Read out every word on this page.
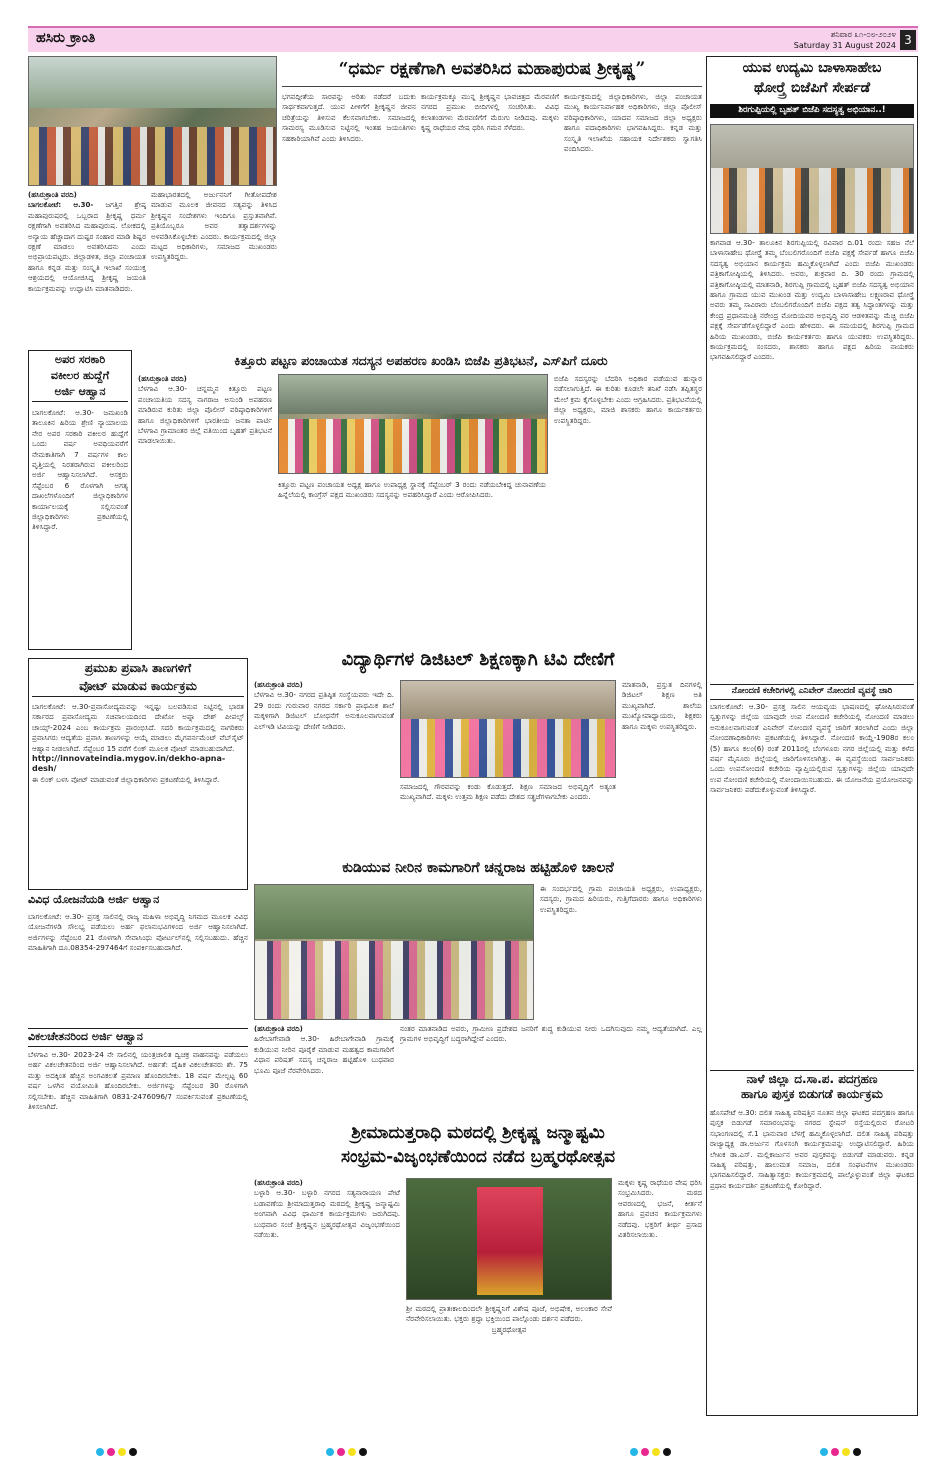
ಹಸಿರು ಕ್ರಾಂತಿ	ಶನಿವಾರ ೩೧-೦೮-೨೦೨೪
Saturday 31 August 2024 3
“ಧರ್ಮ ರಕ್ಷಣೆಗಾಗಿ ಅವತರಿಸಿದ ಮಹಾಪುರುಷ ಶ್ರೀಕೃಷ್ಣ”
(ಹಸಿರುಕ್ರಾಂತಿ ವರದಿ)
ಬಾಗಲಕೋಟೆ: ಆ.30- ಜಗತ್ತಿನ ಶ್ರೇಷ್ಠ ಮಹಾಪುರುಷರಲ್ಲಿ ಒಬ್ಬರಾದ ಶ್ರೀಕೃಷ್ಣ ಧರ್ಮ ರಕ್ಷಣೆಗಾಗಿ ಅವತರಿಸಿದ ಮಹಾಪುರುಷ. ಲೋಕದಲ್ಲಿ ಅನ್ಯಾಯ ಹೆಚ್ಚಾದಾಗ ದುಷ್ಟರ ಸಂಹಾರ ಮಾಡಿ ಶಿಷ್ಟರ ರಕ್ಷಣೆ ಮಾಡಲು ಅವತರಿಸಿದನು ಎಂದು ಅಭಿಪ್ರಾಯಪಟ್ಟರು. ಜಿಲ್ಲಾಡಳಿತ, ಜಿಲ್ಲಾ ಪಂಚಾಯತ ಹಾಗೂ ಕನ್ನಡ ಮತ್ತು ಸಂಸ್ಕೃತಿ ಇಲಾಖೆ ಸಂಯುಕ್ತ ಆಶ್ರಯದಲ್ಲಿ ಆಯೋಜಿಸಿದ್ದ ಶ್ರೀಕೃಷ್ಣ ಜಯಂತಿ ಕಾರ್ಯಕ್ರಮವನ್ನು ಉದ್ಘಾಟಿಸಿ ಮಾತನಾಡಿದರು.
ಮಹಾಭಾರತದಲ್ಲಿ ಅರ್ಜುನನಿಗೆ ಗೀತೋಪದೇಶ ಮಾಡುವ ಮೂಲಕ ಜೀವನದ ಸತ್ಯವನ್ನು ತಿಳಿಸಿದ ಶ್ರೀಕೃಷ್ಣನ ಸಂದೇಶಗಳು ಇಂದಿಗೂ ಪ್ರಸ್ತುತವಾಗಿವೆ. ಪ್ರತಿಯೊಬ್ಬರೂ ಅವರ ತತ್ವಾದರ್ಶಗಳನ್ನು ಅಳವಡಿಸಿಕೊಳ್ಳಬೇಕು ಎಂದರು. ಕಾರ್ಯಕ್ರಮದಲ್ಲಿ ಜಿಲ್ಲಾ ಮಟ್ಟದ ಅಧಿಕಾರಿಗಳು, ಸಮಾಜದ ಮುಖಂಡರು ಉಪಸ್ಥಿತರಿದ್ದರು.
ಭಗವದ್ಗೀತೆಯ ಸಾರವನ್ನು ಅರಿತು ನಡೆದರೆ ಬದುಕು ಸಾರ್ಥಕವಾಗುತ್ತದೆ. ಯುವ ಪೀಳಿಗೆಗೆ ಶ್ರೀಕೃಷ್ಣನ ಜೀವನ ಚರಿತ್ರೆಯನ್ನು ತಿಳಿಸುವ ಕೆಲಸವಾಗಬೇಕು. ಸಮಾಜದಲ್ಲಿ ಸಾಮರಸ್ಯ ಮೂಡಿಸುವ ನಿಟ್ಟಿನಲ್ಲಿ ಇಂತಹ ಜಯಂತಿಗಳು ಸಹಕಾರಿಯಾಗಿವೆ ಎಂದು ತಿಳಿಸಿದರು.
ಕಾರ್ಯಕ್ರಮಕ್ಕೂ ಮುನ್ನ ಶ್ರೀಕೃಷ್ಣನ ಭಾವಚಿತ್ರದ ಮೆರವಣಿಗೆ ನಗರದ ಪ್ರಮುಖ ಬೀದಿಗಳಲ್ಲಿ ಸಂಚರಿಸಿತು. ವಿವಿಧ ಕಲಾತಂಡಗಳು ಮೆರವಣಿಗೆಗೆ ಮೆರುಗು ನೀಡಿದವು. ಮಕ್ಕಳು ಕೃಷ್ಣ ರಾಧೆಯರ ವೇಷ ಧರಿಸಿ ಗಮನ ಸೆಳೆದರು.
ಕಾರ್ಯಕ್ರಮದಲ್ಲಿ ಜಿಲ್ಲಾಧಿಕಾರಿಗಳು, ಜಿಲ್ಲಾ ಪಂಚಾಯತ ಮುಖ್ಯ ಕಾರ್ಯನಿರ್ವಾಹಕ ಅಧಿಕಾರಿಗಳು, ಜಿಲ್ಲಾ ಪೊಲೀಸ್ ವರಿಷ್ಠಾಧಿಕಾರಿಗಳು, ಯಾದವ ಸಮಾಜದ ಜಿಲ್ಲಾ ಅಧ್ಯಕ್ಷರು ಹಾಗೂ ಪದಾಧಿಕಾರಿಗಳು ಭಾಗವಹಿಸಿದ್ದರು. ಕನ್ನಡ ಮತ್ತು ಸಂಸ್ಕೃತಿ ಇಲಾಖೆಯ ಸಹಾಯಕ ನಿರ್ದೇಶಕರು ಸ್ವಾಗತಿಸಿ ವಂದಿಸಿದರು.
ಯುವ ಉದ್ಯಮಿ ಬಾಳಾಸಾಹೇಬ
ಥೋರ್‍ತ್ರೆ ಬಿಜೆಪಿಗೆ ಸೇರ್ಪಡೆ
ಶಿರಗುಪ್ಪಿಯಲ್ಲಿ ಬೃಹತ್ ಬಿಜೆಪಿ ಸದಸ್ಯತ್ವ ಅಭಿಯಾನ..!
ಕಾಗವಾಡ ಆ.30- ತಾಲೂಕಿನ ಶಿರಗುಪ್ಪಿಯಲ್ಲಿ ರವಿವಾರ ದಿ.01 ರಂದು ಸಹಜ ನೆಲೆ ಬಾಳಾಸಾಹೇಬ ಥೋರ್‍ತ್ರೆ ತಮ್ಮ ಬೆಂಬಲಿಗರೊಂದಿಗೆ ಬಿಜೆಪಿ ಪಕ್ಷಕ್ಕೆ ಸೇರ್ಪಡೆ ಹಾಗೂ ಬಿಜೆಪಿ ಸದಸ್ಯತ್ವ ಅಭಿಯಾನ ಕಾರ್ಯಕ್ರಮ ಹಮ್ಮಿಕೊಳ್ಳಲಾಗಿದೆ ಎಂದು ಬಿಜೆಪಿ ಮುಖಂಡರು ಪತ್ರಿಕಾಗೋಷ್ಠಿಯಲ್ಲಿ ತಿಳಿಸಿದರು. ಅವರು, ಶುಕ್ರವಾರ ದಿ. 30 ರಂದು ಗ್ರಾಮದಲ್ಲಿ ಪತ್ರಿಕಾಗೋಷ್ಠಿಯಲ್ಲಿ ಮಾತನಾಡಿ, ಶಿರಗುಪ್ಪಿ ಗ್ರಾಮದಲ್ಲಿ ಬೃಹತ್ ಬಿಜೆಪಿ ಸದಸ್ಯತ್ವ ಅಭಿಯಾನ ಹಾಗೂ ಗ್ರಾಮದ ಯುವ ಮುಖಂಡ ಮತ್ತು ಉದ್ಯಮಿ ಬಾಳಾಸಾಹೇಬ ಲಕ್ಷ್ಮಣರಾವ ಥೋರ್‍ತ್ರೆ ಅವರು ತಮ್ಮ ಸಾವಿರಾರು ಬೆಂಬಲಿಗರೊಂದಿಗೆ ಬಿಜೆಪಿ ಪಕ್ಷದ ತತ್ವ ಸಿದ್ಧಾಂತಗಳನ್ನು ಮತ್ತು ಕೇಂದ್ರ ಪ್ರಧಾನಮಂತ್ರಿ ನರೇಂದ್ರ ಮೋದಿಯವರ ಅಭಿವೃದ್ಧಿ ಪರ ಆಡಳಿತವನ್ನು ಮೆಚ್ಚಿ ಬಿಜೆಪಿ ಪಕ್ಷಕ್ಕೆ ಸೇರ್ಪಡೆಗೊಳ್ಳಲಿದ್ದಾರೆ ಎಂದು ಹೇಳಿದರು. ಈ ಸಮಯದಲ್ಲಿ ಶಿರಗುಪ್ಪಿ ಗ್ರಾಮದ ಹಿರಿಯ ಮುಖಂಡರು, ಬಿಜೆಪಿ ಕಾರ್ಯಕರ್ತರು ಹಾಗೂ ಯುವಕರು ಉಪಸ್ಥಿತರಿದ್ದರು. ಕಾರ್ಯಕ್ರಮದಲ್ಲಿ ಸಂಸದರು, ಶಾಸಕರು ಹಾಗೂ ಪಕ್ಷದ ಹಿರಿಯ ನಾಯಕರು ಭಾಗವಹಿಸಲಿದ್ದಾರೆ ಎಂದರು.
ಅಪರ ಸರಕಾರಿ
ವಕೀಲರ ಹುದ್ದೆಗೆ
ಅರ್ಜಿ ಆಹ್ವಾನ
ಬಾಗಲಕೋಟೆ: ಆ.30- ಜಮಖಂಡಿ ತಾಲೂಕಿನ ಹಿರಿಯ ಶ್ರೇಣಿ ನ್ಯಾಯಾಲಯ ನೇರ ಅಪರ ಸರಕಾರಿ ವಕೀಲರ ಹುದ್ದೆಗೆ ಒಂದು ವರ್ಷ ಅವಧಿಯವರೆಗೆ ನೇಮಕಾತಿಗಾಗಿ 7 ವರ್ಷಗಳ ಕಾಲ ವೃತ್ತಿಯಲ್ಲಿ ನಿರತರಾಗಿರುವ ವಕೀಲರಿಂದ ಅರ್ಜಿ ಆಹ್ವಾನಿಸಲಾಗಿದೆ. ಆಸಕ್ತರು ಸೆಪ್ಟೆಂಬರ 6 ರೊಳಗಾಗಿ ಅಗತ್ಯ ದಾಖಲೆಗಳೊಂದಿಗೆ ಜಿಲ್ಲಾಧಿಕಾರಿಗಳ ಕಾರ್ಯಾಲಯಕ್ಕೆ ಸಲ್ಲಿಸುವಂತೆ ಜಿಲ್ಲಾಧಿಕಾರಿಗಳು ಪ್ರಕಟಣೆಯಲ್ಲಿ ತಿಳಿಸಿದ್ದಾರೆ.
ಕಿತ್ತೂರು ಪಟ್ಟಣ ಪಂಚಾಯತ ಸದಸ್ಯನ ಅಪಹರಣ ಖಂಡಿಸಿ ಬಿಜೆಪಿ ಪ್ರತಿಭಟನೆ, ಎಸ್‌ಪಿಗೆ ದೂರು
(ಹಸಿರುಕ್ರಾಂತಿ ವರದಿ)
ಬೆಳಗಾವಿ ಆ.30- ಚನ್ನಮ್ಮನ ಕಿತ್ತೂರು ಪಟ್ಟಣ ಪಂಚಾಯತಿಯ ಸದಸ್ಯ ನಾಗರಾಜ ಅಸುಂಡಿ ಅಪಹರಣ ಮಾಡಿರುವ ಕುರಿತು ಜಿಲ್ಲಾ ಪೊಲೀಸ್ ವರಿಷ್ಠಾಧಿಕಾರಿಗಳಿಗೆ ಹಾಗೂ ಜಿಲ್ಲಾಧಿಕಾರಿಗಳಿಗೆ ಭಾರತೀಯ ಜನತಾ ಪಾರ್ಟಿ ಬೆಳಗಾವಿ ಗ್ರಾಮಾಂತರ ಜಿಲ್ಲೆ ವತಿಯಿಂದ ಬೃಹತ್ ಪ್ರತಿಭಟನೆ ಮಾಡಲಾಯಿತು.
ಕಿತ್ತೂರು ಪಟ್ಟಣ ಪಂಚಾಯತ ಅಧ್ಯಕ್ಷ ಹಾಗೂ ಉಪಾಧ್ಯಕ್ಷ ಸ್ಥಾನಕ್ಕೆ ಸೆಪ್ಟೆಂಬರ್ 3 ರಂದು ನಡೆಯಬೇಕಿದ್ದ ಚುನಾವಣೆಯ ಹಿನ್ನೆಲೆಯಲ್ಲಿ ಕಾಂಗ್ರೆಸ್ ಪಕ್ಷದ ಮುಖಂಡರು ಸದಸ್ಯನನ್ನು ಅಪಹರಿಸಿದ್ದಾರೆ ಎಂದು ಆರೋಪಿಸಿದರು.
ಬಿಜೆಪಿ ಸದಸ್ಯರನ್ನು ಬೆದರಿಸಿ ಅಧಿಕಾರ ಪಡೆಯುವ ಹುನ್ನಾರ ನಡೆಸಲಾಗುತ್ತಿದೆ. ಈ ಕುರಿತು ಕೂಡಲೇ ತನಿಖೆ ನಡೆಸಿ ತಪ್ಪಿತಸ್ಥರ ಮೇಲೆ ಕ್ರಮ ಕೈಗೊಳ್ಳಬೇಕು ಎಂದು ಆಗ್ರಹಿಸಿದರು. ಪ್ರತಿಭಟನೆಯಲ್ಲಿ ಜಿಲ್ಲಾ ಅಧ್ಯಕ್ಷರು, ಮಾಜಿ ಶಾಸಕರು ಹಾಗೂ ಕಾರ್ಯಕರ್ತರು ಉಪಸ್ಥಿತರಿದ್ದರು.
ಪ್ರಮುಖ ಪ್ರವಾಸಿ ತಾಣಗಳಿಗೆ
ವೋಟ್ ಮಾಡುವ ಕಾರ್ಯಕ್ರಮ
ಬಾಗಲಕೋಟೆ: ಆ.30-ಪ್ರವಾಸೋದ್ಯಮವನ್ನು ಇನ್ನಷ್ಟು ಬಲಪಡಿಸುವ ನಿಟ್ಟಿನಲ್ಲಿ ಭಾರತ ಸರ್ಕಾರದ ಪ್ರವಾಸೋದ್ಯಮ ಸಚಿವಾಲಯದಿಂದ ದೇಖೋ ಅಪ್ನಾ ದೇಶ್ ಪೀಪಲ್ಸ್ ಚಾಯ್ಸ್-2024 ಎಂಬ ಕಾರ್ಯಕ್ರಮ ಪ್ರಾರಂಭಿಸಿದೆ. ಸದರಿ ಕಾರ್ಯಕ್ರಮದಲ್ಲಿ ನಾಗರಿಕರು ಪ್ರವಾಸಿಗರು ಆದ್ಯತೆಯ ಪ್ರವಾಸಿ ತಾಣಗಳನ್ನು ಆಯ್ಕೆ ಮಾಡಲು ಮೈಗವರ್ನಮೆಂಟ್ ವೆಬ್‌ಸೈಟ್ ಆಹ್ವಾನ ನೀಡಲಾಗಿದೆ. ಸೆಪ್ಟೆಂಬರ 15 ವರೆಗೆ ಲಿಂಕ್ ಮೂಲಕ ವೋಟ್ ಮಾಡಬಹುದಾಗಿದೆ.
http://innovateindia.mygov.in/dekho-apna-desh/
ಈ ಲಿಂಕ್ ಬಳಸಿ ವೋಟ್ ಮಾಡುವಂತೆ ಜಿಲ್ಲಾಧಿಕಾರಿಗಳು ಪ್ರಕಟಣೆಯಲ್ಲಿ ತಿಳಿಸಿದ್ದಾರೆ.
ವಿವಿಧ ಯೋಜನೆಯಡಿ ಅರ್ಜಿ ಆಹ್ವಾನ
ಬಾಗಲಕೋಟೆ: ಆ.30- ಪ್ರಸಕ್ತ ಸಾಲಿನಲ್ಲಿ ರಾಜ್ಯ ಮಹಿಳಾ ಅಭಿವೃದ್ಧಿ ನಿಗಮದ ಮೂಲಕ ವಿವಿಧ ಯೋಜನೆಗಳಡಿ ಸೌಲಭ್ಯ ಪಡೆಯಲು ಅರ್ಹ ಫಲಾನುಭವಿಗಳಿಂದ ಅರ್ಜಿ ಆಹ್ವಾನಿಸಲಾಗಿದೆ. ಅರ್ಜಿಗಳನ್ನು ಸೆಪ್ಟೆಂಬರ 21 ರೊಳಗಾಗಿ ಸೇವಾಸಿಂಧು ಪೋರ್ಟಲ್‌ನಲ್ಲಿ ಸಲ್ಲಿಸಬಹುದು. ಹೆಚ್ಚಿನ ಮಾಹಿತಿಗಾಗಿ ದೂ.08354-297464ಗೆ ಸಂಪರ್ಕಿಸಬಹುದಾಗಿದೆ.
ವಿಕಲಚೇತನರಿಂದ ಅರ್ಜಿ ಆಹ್ವಾನ
ಬೆಳಗಾವಿ ಆ.30- 2023-24 ನೇ ಸಾಲಿನಲ್ಲಿ ಯಂತ್ರಚಾಲಿತ ದ್ವಿಚಕ್ರ ವಾಹನವನ್ನು ಪಡೆಯಲು ಅರ್ಹ ವಿಕಲಚೇತನರಿಂದ ಅರ್ಜಿ ಆಹ್ವಾನಿಸಲಾಗಿದೆ. ಅರ್ಹತೆ: ದೈಹಿಕ ವಿಕಲಚೇತನರು ಶೇ. 75 ಮತ್ತು ಅದಕ್ಕಿಂತ ಹೆಚ್ಚಿನ ಅಂಗವಿಕಲತೆ ಪ್ರಮಾಣ ಹೊಂದಿರಬೇಕು. 18 ವರ್ಷ ಮೇಲ್ಪಟ್ಟ 60 ವರ್ಷ ಒಳಗಿನ ವಯೋಮಿತಿ ಹೊಂದಿರಬೇಕು. ಅರ್ಜಿಗಳನ್ನು ಸೆಪ್ಟೆಂಬರ 30 ರೊಳಗಾಗಿ ಸಲ್ಲಿಸಬೇಕು. ಹೆಚ್ಚಿನ ಮಾಹಿತಿಗಾಗಿ 0831-2476096/7 ಸಂಪರ್ಕಿಸುವಂತೆ ಪ್ರಕಟಣೆಯಲ್ಲಿ ತಿಳಿಸಲಾಗಿದೆ.
ವಿದ್ಯಾರ್ಥಿಗಳ ಡಿಜಿಟಲ್ ಶಿಕ್ಷಣಕ್ಕಾಗಿ ಟಿವಿ ದೇಣಿಗೆ
(ಹಸಿರುಕ್ರಾಂತಿ ವರದಿ)
ಬೆಳಗಾವಿ ಆ.30- ನಗರದ ಪ್ರತಿಷ್ಠಿತ ಸಂಸ್ಥೆಯವರು ಇದೇ ದಿ. 29 ರಂದು ಗುರುವಾರ ನಗರದ ಸರ್ಕಾರಿ ಪ್ರಾಥಮಿಕ ಶಾಲೆ ಮಕ್ಕಳಿಗಾಗಿ ಡಿಜಿಟಲ್ ಬೋಧನೆಗೆ ಅನುಕೂಲವಾಗುವಂತೆ ಎಲ್‌ಇಡಿ ಟಿವಿಯನ್ನು ದೇಣಿಗೆ ನೀಡಿದರು.
ಸಮಾಜದಲ್ಲಿ ಗೌರವವನ್ನು ಕಂಡು ಕೊಡುತ್ತದೆ. ಶಿಕ್ಷಣ ಸಮಾಜದ ಅಭಿವೃದ್ಧಿಗೆ ಅತ್ಯಂತ ಮುಖ್ಯವಾಗಿದೆ. ಮಕ್ಕಳು ಉತ್ತಮ ಶಿಕ್ಷಣ ಪಡೆದು ದೇಶದ ಸತ್ಪ್ರಜೆಗಳಾಗಬೇಕು ಎಂದರು.
ಮಾತನಾಡಿ, ಪ್ರಸ್ತುತ ದಿನಗಳಲ್ಲಿ ಡಿಜಿಟಲ್ ಶಿಕ್ಷಣ ಅತಿ ಮುಖ್ಯವಾಗಿದೆ. ಶಾಲೆಯ ಮುಖ್ಯೋಪಾಧ್ಯಾಯರು, ಶಿಕ್ಷಕರು ಹಾಗೂ ಮಕ್ಕಳು ಉಪಸ್ಥಿತರಿದ್ದರು.
ಕುಡಿಯುವ ನೀರಿನ ಕಾಮಗಾರಿಗೆ ಚನ್ನರಾಜ ಹಟ್ಟಿಹೊಳಿ ಚಾಲನೆ
ಈ ಸಂದರ್ಭದಲ್ಲಿ ಗ್ರಾಮ ಪಂಚಾಯತಿ ಅಧ್ಯಕ್ಷರು, ಉಪಾಧ್ಯಕ್ಷರು, ಸದಸ್ಯರು, ಗ್ರಾಮದ ಹಿರಿಯರು, ಗುತ್ತಿಗೆದಾರರು ಹಾಗೂ ಅಧಿಕಾರಿಗಳು ಉಪಸ್ಥಿತರಿದ್ದರು.
(ಹಸಿರುಕ್ರಾಂತಿ ವರದಿ)
ಹಿರೇಬಾಗೇವಾಡಿ ಆ.30- ಹಿರೇಬಾಗೇವಾಡಿ ಗ್ರಾಮಕ್ಕೆ ಕುಡಿಯುವ ನೀರಿನ ಪೂರೈಕೆ ಮಾಡುವ ಮಹತ್ವದ ಕಾಮಗಾರಿಗೆ ವಿಧಾನ ಪರಿಷತ್ ಸದಸ್ಯ ಚನ್ನರಾಜ ಹಟ್ಟಿಹೊಳಿ ಬುಧವಾರ ಭೂಮಿ ಪೂಜೆ ನೆರವೇರಿಸಿದರು.
ನಂತರ ಮಾತನಾಡಿದ ಅವರು, ಗ್ರಾಮೀಣ ಪ್ರದೇಶದ ಜನರಿಗೆ ಶುದ್ಧ ಕುಡಿಯುವ ನೀರು ಒದಗಿಸುವುದು ನಮ್ಮ ಆದ್ಯತೆಯಾಗಿದೆ. ಎಲ್ಲ ಗ್ರಾಮಗಳ ಅಭಿವೃದ್ಧಿಗೆ ಬದ್ಧರಾಗಿದ್ದೇವೆ ಎಂದರು.
ಶ್ರೀಮಾದುತ್ತರಾಧಿ ಮಠದಲ್ಲಿ ಶ್ರೀಕೃಷ್ಣ ಜನ್ಮಾಷ್ಟಮಿ
ಸಂಭ್ರಮ-ವಿಜೃಂಭಣೆಯಿಂದ ನಡೆದ ಬ್ರಹ್ಮರಥೋತ್ಸವ
(ಹಸಿರುಕ್ರಾಂತಿ ವರದಿ)
ಬಳ್ಳಾರಿ ಆ.30- ಬಳ್ಳಾರಿ ನಗರದ ಸತ್ಯನಾರಾಯಣ ಪೇಟೆ ಬಡಾವಣೆಯ ಶ್ರೀಮಾದುತ್ತರಾಧಿ ಮಠದಲ್ಲಿ ಶ್ರೀಕೃಷ್ಣ ಜನ್ಮಾಷ್ಟಮಿ ಅಂಗವಾಗಿ ವಿವಿಧ ಧಾರ್ಮಿಕ ಕಾರ್ಯಕ್ರಮಗಳು ಜರುಗಿದವು. ಬುಧವಾರ ಸಂಜೆ ಶ್ರೀಕೃಷ್ಣನ ಬ್ರಹ್ಮರಥೋತ್ಸವ ವಿಜೃಂಭಣೆಯಿಂದ ನಡೆಯಿತು.
ಶ್ರೀ ಮಠದಲ್ಲಿ ಪ್ರಾತಃಕಾಲದಿಂದಲೇ ಶ್ರೀಕೃಷ್ಣನಿಗೆ ವಿಶೇಷ ಪೂಜೆ, ಅಭಿಷೇಕ, ಅಲಂಕಾರ ಸೇವೆ ನೆರವೇರಿಸಲಾಯಿತು. ಭಕ್ತರು ಶ್ರದ್ಧಾ ಭಕ್ತಿಯಿಂದ ಪಾಲ್ಗೊಂಡು ದರ್ಶನ ಪಡೆದರು.
ಬ್ರಹ್ಮರಥೋತ್ಸವ
ಮಕ್ಕಳು ಕೃಷ್ಣ ರಾಧೆಯರ ವೇಷ ಧರಿಸಿ ಸಂಭ್ರಮಿಸಿದರು. ಮಠದ ಆವರಣದಲ್ಲಿ ಭಜನೆ, ಕೀರ್ತನೆ ಹಾಗೂ ಪ್ರವಚನ ಕಾರ್ಯಕ್ರಮಗಳು ನಡೆದವು. ಭಕ್ತರಿಗೆ ತೀರ್ಥ ಪ್ರಸಾದ ವಿತರಿಸಲಾಯಿತು.
ನೋಂದಣಿ ಕಚೇರಿಗಳಲ್ಲಿ ಎನಿವೇರ್ ನೋಂದಣಿ ವ್ಯವಸ್ಥೆ ಜಾರಿ
ಬಾಗಲಕೋಟೆ: ಆ.30- ಪ್ರಸಕ್ತ ಸಾಲಿನ ಆಯವ್ಯಯ ಭಾಷಣದಲ್ಲಿ ಘೋಷಿಸಿರುವಂತೆ ಸ್ವತ್ತುಗಳನ್ನು ಜಿಲ್ಲೆಯ ಯಾವುದೇ ಉಪ ನೋಂದಣಿ ಕಚೇರಿಯಲ್ಲಿ ನೋಂದಣಿ ಮಾಡಲು ಅನುಕೂಲವಾಗುವಂತೆ ಎನಿವೇರ್ ನೋಂದಣಿ ವ್ಯವಸ್ಥೆ ಜಾರಿಗೆ ತರಲಾಗಿದೆ ಎಂದು ಜಿಲ್ಲಾ ನೋಂದಣಾಧಿಕಾರಿಗಳು ಪ್ರಕಟಣೆಯಲ್ಲಿ ತಿಳಿಸಿದ್ದಾರೆ. ನೋಂದಣಿ ಕಾಯ್ದೆ-1908ರ ಕಲಂ (5) ಹಾಗೂ ಕಲಂ(6) ರಂತೆ 2011ರಲ್ಲಿ ಬೆಂಗಳೂರು ನಗರ ಜಿಲ್ಲೆಯಲ್ಲಿ ಮತ್ತು ಕಳೆದ ವರ್ಷ ಮೈಸೂರು ಜಿಲ್ಲೆಯಲ್ಲಿ ಜಾರಿಗೊಳಿಸಲಾಗಿತ್ತು. ಈ ವ್ಯವಸ್ಥೆಯಿಂದ ಸಾರ್ವಜನಿಕರು ಒಂದು ಉಪನೋಂದಣಿ ಕಚೇರಿಯ ವ್ಯಾಪ್ತಿಯಲ್ಲಿರುವ ಸ್ವತ್ತುಗಳನ್ನು ಜಿಲ್ಲೆಯ ಯಾವುದೇ ಉಪ ನೋಂದಣಿ ಕಚೇರಿಯಲ್ಲಿ ನೋಂದಾಯಿಸಬಹುದು. ಈ ಯೋಜನೆಯ ಪ್ರಯೋಜನವನ್ನು ಸಾರ್ವಜನಿಕರು ಪಡೆದುಕೊಳ್ಳುವಂತೆ ತಿಳಿಸಿದ್ದಾರೆ.
ನಾಳೆ ಜಿಲ್ಲಾ ದ.ಸಾ.ಪ. ಪದಗ್ರಹಣ
ಹಾಗೂ ಪುಸ್ತಕ ಬಿಡುಗಡೆ ಕಾರ್ಯಕ್ರಮ
ಹೊಸಪೇಟೆ ಆ.30: ದಲಿತ ಸಾಹಿತ್ಯ ಪರಿಷತ್ತಿನ ನೂತನ ಜಿಲ್ಲಾ ಘಟಕದ ಪದಗ್ರಹಣ ಹಾಗೂ ಪುಸ್ತಕ ಬಿಡುಗಡೆ ಸಮಾರಂಭವನ್ನು ನಗರದ ಸ್ಟೇಷನ್ ರಸ್ತೆಯಲ್ಲಿರುವ ರೋಟರಿ ಸಭಾಂಗಣದಲ್ಲಿ ಸೆ.1 ಭಾನುವಾರ ಬೆಳಗ್ಗೆ ಹಮ್ಮಿಕೊಳ್ಳಲಾಗಿದೆ. ದಲಿತ ಸಾಹಿತ್ಯ ಪರಿಷತ್ತು ರಾಜ್ಯಾಧ್ಯಕ್ಷ ಡಾ.ಅರ್ಜುನ ಗೊಳಸಂಗಿ ಕಾರ್ಯಕ್ರಮವನ್ನು ಉದ್ಘಾಟಿಸಲಿದ್ದಾರೆ. ಹಿರಿಯ ಲೇಖಕ ಡಾ.ಎಸ್. ಮಲ್ಲಿಕಾರ್ಜುನ ಅವರ ಪುಸ್ತಕವನ್ನು ಬಿಡುಗಡೆ ಮಾಡುವರು. ಕನ್ನಡ ಸಾಹಿತ್ಯ ಪರಿಷತ್ತು, ಹಾಲುಮತ ಸಮಾಜ, ದಲಿತ ಸಂಘಟನೆಗಳ ಮುಖಂಡರು ಭಾಗವಹಿಸಲಿದ್ದಾರೆ. ಸಾಹಿತ್ಯಾಸಕ್ತರು ಕಾರ್ಯಕ್ರಮದಲ್ಲಿ ಪಾಲ್ಗೊಳ್ಳುವಂತೆ ಜಿಲ್ಲಾ ಘಟಕದ ಪ್ರಧಾನ ಕಾರ್ಯದರ್ಶಿ ಪ್ರಕಟಣೆಯಲ್ಲಿ ಕೋರಿದ್ದಾರೆ.
